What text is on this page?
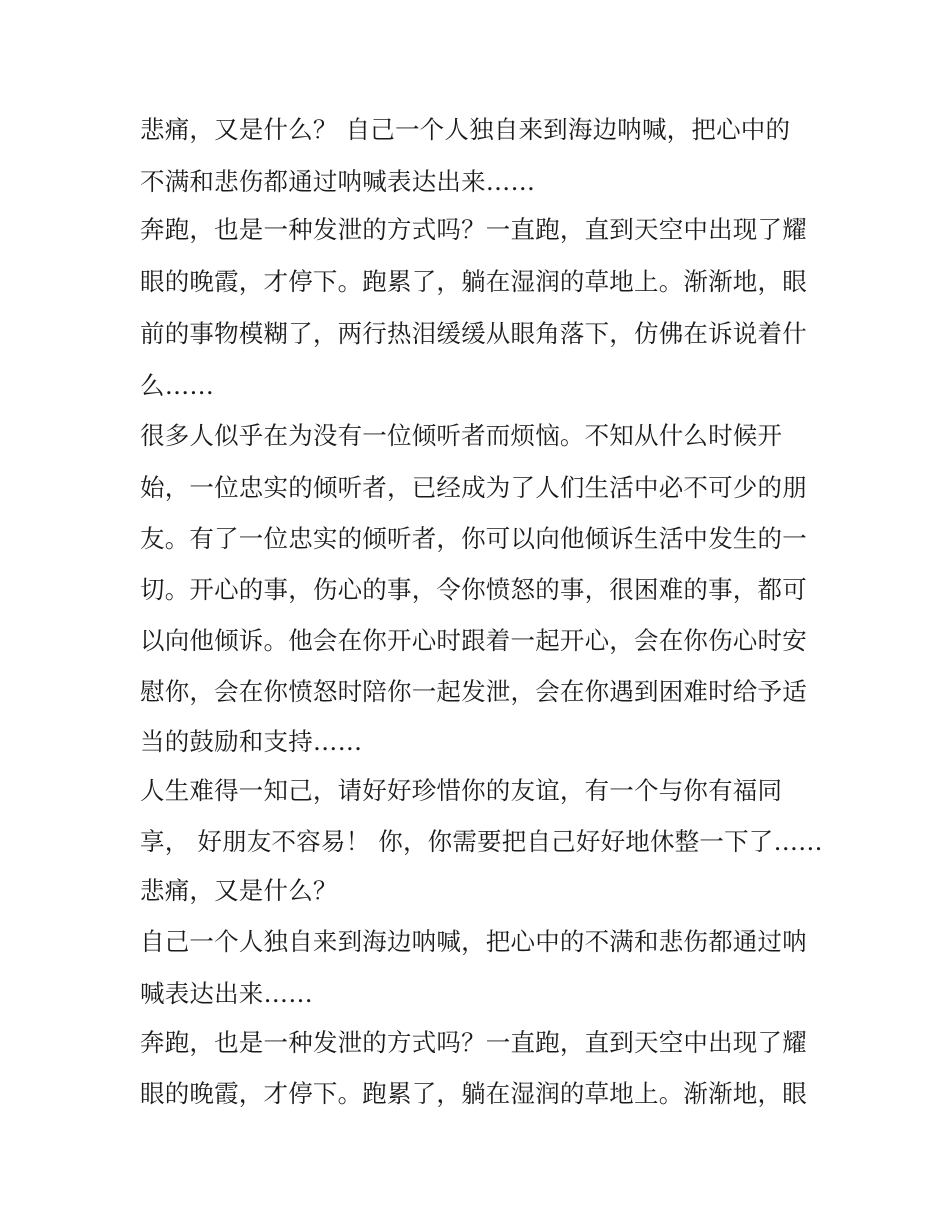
悲痛，又是什么？ 自己一个人独自来到海边呐喊，把心中的
不满和悲伤都通过呐喊表达出来……
奔跑，也是一种发泄的方式吗？一直跑，直到天空中出现了耀
眼的晚霞，才停下。跑累了，躺在湿润的草地上。渐渐地，眼
前的事物模糊了，两行热泪缓缓从眼角落下，仿佛在诉说着什
么……
很多人似乎在为没有一位倾听者而烦恼。不知从什么时候开
始，一位忠实的倾听者，已经成为了人们生活中必不可少的朋
友。有了一位忠实的倾听者，你可以向他倾诉生活中发生的一
切。开心的事，伤心的事，令你愤怒的事，很困难的事，都可
以向他倾诉。他会在你开心时跟着一起开心，会在你伤心时安
慰你，会在你愤怒时陪你一起发泄，会在你遇到困难时给予适
当的鼓励和支持……
人生难得一知己，请好好珍惜你的友谊，有一个与你有福同
享， 好朋友不容易！ 你，你需要把自己好好地休整一下了……
悲痛，又是什么？
自己一个人独自来到海边呐喊，把心中的不满和悲伤都通过呐
喊表达出来……
奔跑，也是一种发泄的方式吗？一直跑，直到天空中出现了耀
眼的晚霞，才停下。跑累了，躺在湿润的草地上。渐渐地，眼
